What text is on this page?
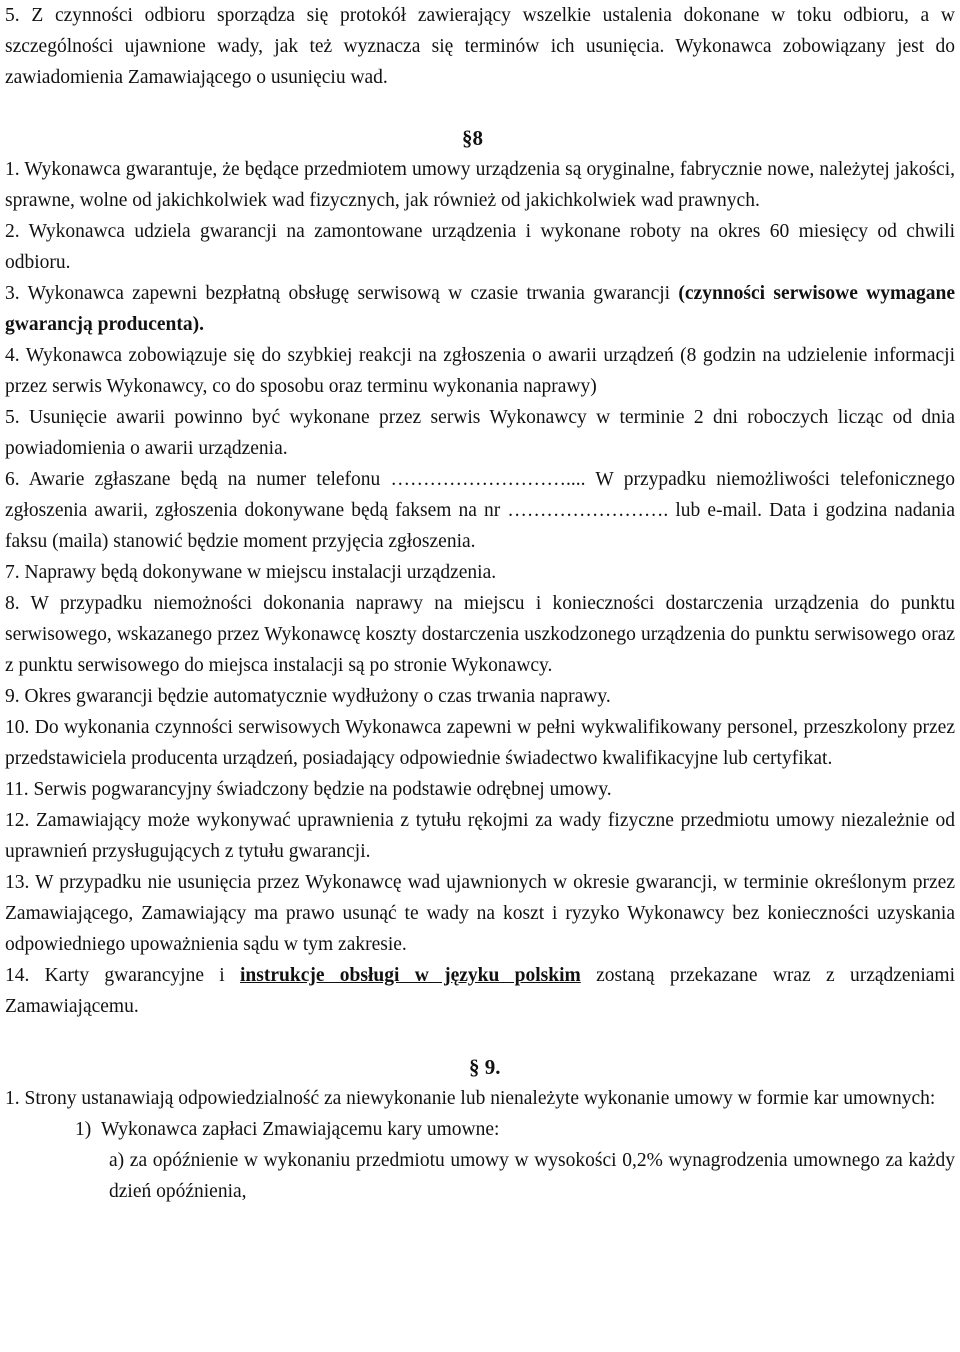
5. Z czynności odbioru sporządza się protokół zawierający wszelkie ustalenia dokonane w toku odbioru, a w szczególności ujawnione wady, jak też wyznacza się terminów ich usunięcia. Wykonawca zobowiązany jest do zawiadomienia Zamawiającego o usunięciu wad.

§8

1. Wykonawca gwarantuje, że będące przedmiotem umowy urządzenia są oryginalne, fabrycznie nowe, należytej jakości, sprawne, wolne od jakichkolwiek wad fizycznych, jak również od jakichkolwiek wad prawnych.

2. Wykonawca udziela gwarancji na zamontowane urządzenia i wykonane roboty na okres 60 miesięcy od chwili odbioru.

3. Wykonawca zapewni bezpłatną obsługę serwisową w czasie trwania gwarancji (czynności serwisowe wymagane gwarancją producenta).

4. Wykonawca zobowiązuje się do szybkiej reakcji na zgłoszenia o awarii urządzeń (8 godzin na udzielenie informacji przez serwis Wykonawcy, co do sposobu oraz terminu wykonania naprawy)

5. Usunięcie awarii powinno być wykonane przez serwis Wykonawcy w terminie 2 dni roboczych licząc od dnia powiadomienia o awarii urządzenia.

6. Awarie zgłaszane będą na numer telefonu ……………………….... W przypadku niemożliwości telefonicznego zgłoszenia awarii, zgłoszenia dokonywane będą faksem na nr ……………………. lub e-mail. Data i godzina nadania faksu (maila) stanowić będzie moment przyjęcia zgłoszenia.

7. Naprawy będą dokonywane w miejscu instalacji urządzenia.

8. W przypadku niemożności dokonania naprawy na miejscu i konieczności dostarczenia urządzenia do punktu serwisowego, wskazanego przez Wykonawcę koszty dostarczenia uszkodzonego urządzenia do punktu serwisowego oraz z punktu serwisowego do miejsca instalacji są po stronie Wykonawcy.

9. Okres gwarancji będzie automatycznie wydłużony o czas trwania naprawy.

10. Do wykonania czynności serwisowych Wykonawca zapewni w pełni wykwalifikowany personel, przeszkolony przez przedstawiciela producenta urządzeń, posiadający odpowiednie świadectwo kwalifikacyjne lub certyfikat.

11. Serwis pogwarancyjny świadczony będzie na podstawie odrębnej umowy.

12. Zamawiający może wykonywać uprawnienia z tytułu rękojmi za wady fizyczne przedmiotu umowy niezależnie od uprawnień przysługujących z tytułu gwarancji.

13. W przypadku nie usunięcia przez Wykonawcę wad ujawnionych w okresie gwarancji, w terminie określonym przez Zamawiającego, Zamawiający ma prawo usunąć te wady na koszt i ryzyko Wykonawcy bez konieczności uzyskania odpowiedniego upoważnienia sądu w tym zakresie.

14. Karty gwarancyjne i instrukcje obsługi w języku polskim zostaną przekazane wraz z urządzeniami Zamawiającemu.

§ 9.

1. Strony ustanawiają odpowiedzialność za niewykonanie lub nienależyte wykonanie umowy w formie kar umownych:

1)  Wykonawca zapłaci Zmawiającemu kary umowne:

a) za opóźnienie w wykonaniu przedmiotu umowy w wysokości 0,2% wynagrodzenia umownego za każdy dzień opóźnienia,
